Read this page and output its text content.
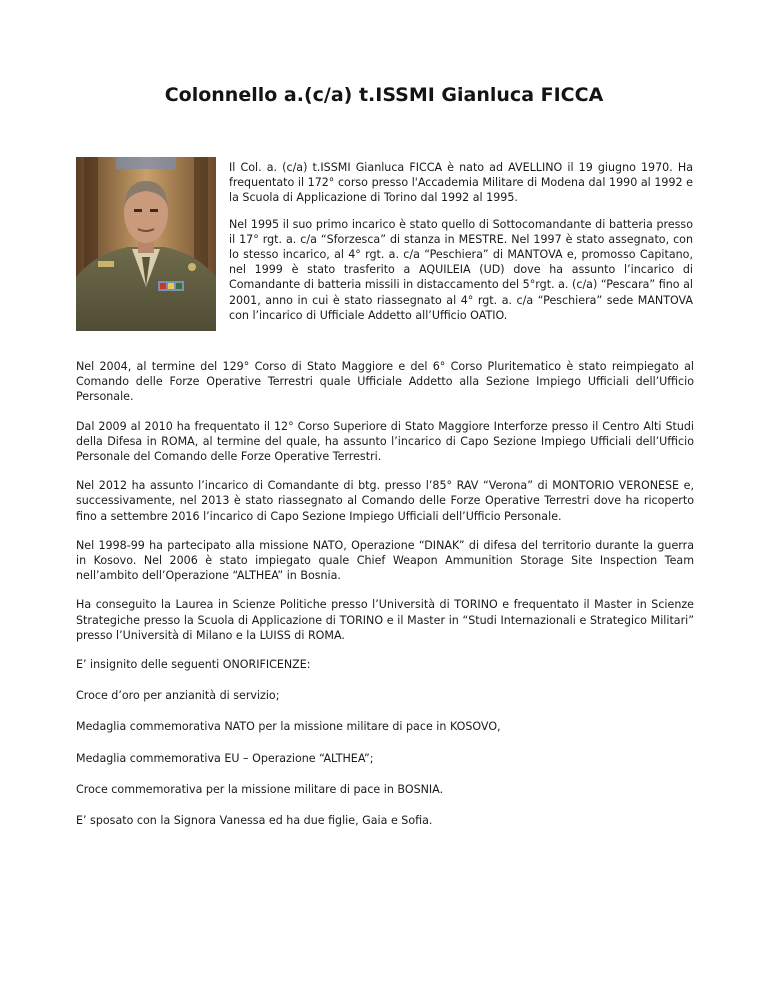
Colonnello a.(c/a) t.ISSMI Gianluca FICCA

Il Col. a. (c/a) t.ISSMI Gianluca FICCA è nato ad AVELLINO il 19 giugno 1970. Ha frequentato il 172° corso presso l'Accademia Militare di Modena dal 1990 al 1992 e la Scuola di Applicazione di Torino dal 1992 al 1995.

Nel 1995 il suo primo incarico è stato quello di Sottocomandante di batteria presso il 17° rgt. a. c/a “Sforzesca” di stanza in MESTRE. Nel 1997 è stato assegnato, con lo stesso incarico, al 4° rgt. a. c/a “Peschiera” di MANTOVA e, promosso Capitano, nel 1999 è stato trasferito a AQUILEIA (UD) dove ha assunto l’incarico di Comandante di batteria missili in distaccamento del 5°rgt. a. (c/a) “Pescara” fino al 2001, anno in cui è stato riassegnato al 4° rgt. a. c/a “Peschiera” sede MANTOVA con l’incarico di Ufficiale Addetto all’Ufficio OATIO.

Nel 2004, al termine del 129° Corso di Stato Maggiore e del 6° Corso Pluritematico è stato reimpiegato al Comando delle Forze Operative Terrestri quale Ufficiale Addetto alla Sezione Impiego Ufficiali dell’Ufficio Personale.

Dal 2009 al 2010 ha frequentato il 12° Corso Superiore di Stato Maggiore Interforze presso il Centro Alti Studi della Difesa in ROMA, al termine del quale, ha assunto l’incarico di Capo Sezione Impiego Ufficiali dell’Ufficio Personale del Comando delle Forze Operative Terrestri.

Nel 2012 ha assunto l’incarico di Comandante di btg. presso l’85° RAV “Verona” di MONTORIO VERONESE e, successivamente, nel 2013 è stato riassegnato al Comando delle Forze Operative Terrestri dove ha ricoperto fino a settembre 2016 l’incarico di Capo Sezione Impiego Ufficiali dell’Ufficio Personale.

Nel 1998-99 ha partecipato alla missione NATO, Operazione “DINAK” di difesa del territorio durante la guerra in Kosovo. Nel 2006 è stato impiegato quale Chief Weapon Ammunition Storage Site Inspection Team nell’ambito dell’Operazione “ALTHEA” in Bosnia.

Ha conseguito la Laurea in Scienze Politiche presso l’Università di TORINO e frequentato il Master in Scienze Strategiche presso la Scuola di Applicazione di TORINO e il Master in “Studi Internazionali e Strategico Militari” presso l’Università di Milano e la LUISS di ROMA.

E’ insignito delle seguenti ONORIFICENZE:

Croce d’oro per anzianità di servizio;

Medaglia commemorativa NATO per la missione militare di pace in KOSOVO,

Medaglia commemorativa EU – Operazione “ALTHEA”;

Croce commemorativa per la missione militare di pace in BOSNIA.

E’ sposato con la Signora Vanessa ed ha due figlie, Gaia e Sofia.
